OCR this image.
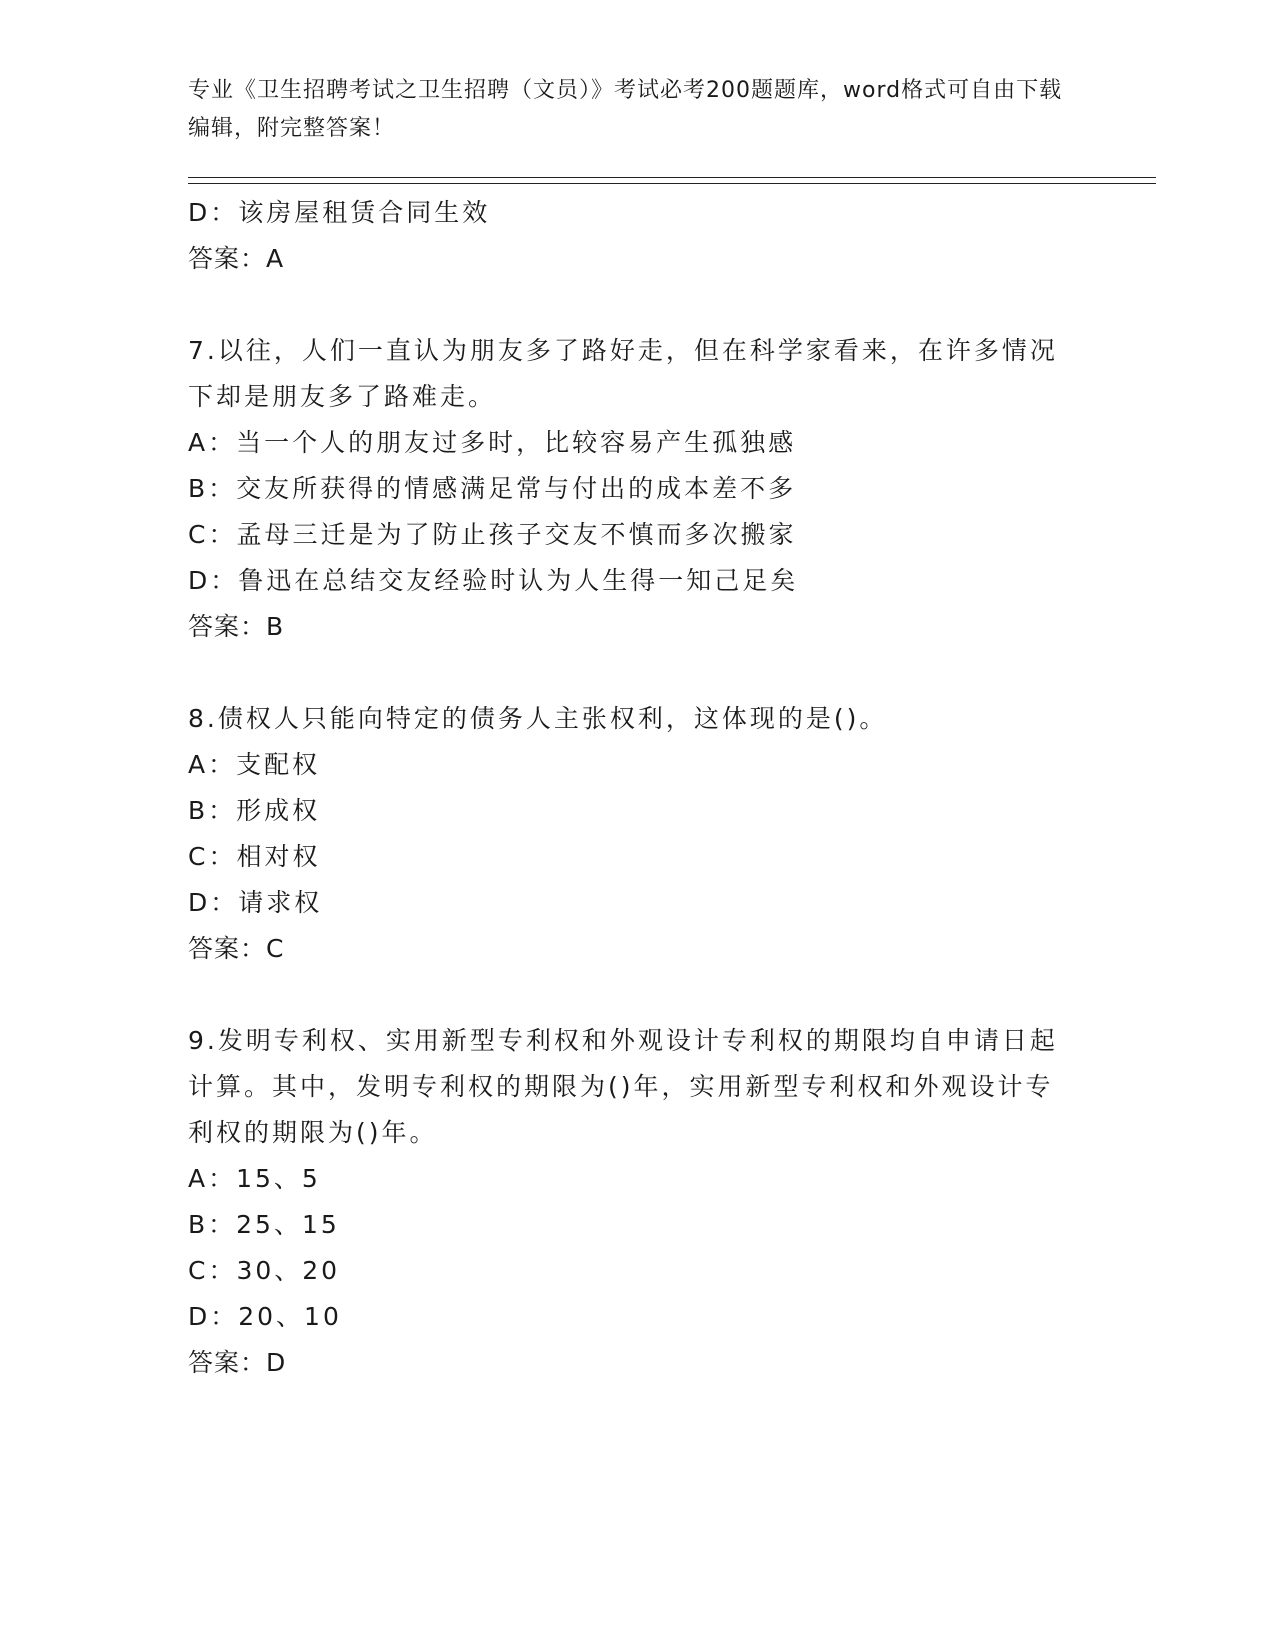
专业《卫生招聘考试之卫生招聘（文员）》考试必考200题题库，word格式可自由下载编辑，附完整答案！
D：该房屋租赁合同生效
答案：A
7.以往，人们一直认为朋友多了路好走，但在科学家看来，在许多情况下却是朋友多了路难走。
A：当一个人的朋友过多时，比较容易产生孤独感
B：交友所获得的情感满足常与付出的成本差不多
C：孟母三迁是为了防止孩子交友不慎而多次搬家
D：鲁迅在总结交友经验时认为人生得一知己足矣
答案：B
8.债权人只能向特定的债务人主张权利，这体现的是()。
A：支配权
B：形成权
C：相对权
D：请求权
答案：C
9.发明专利权、实用新型专利权和外观设计专利权的期限均自申请日起计算。其中，发明专利权的期限为()年，实用新型专利权和外观设计专利权的期限为()年。
A：15、5
B：25、15
C：30、20
D：20、10
答案：D
